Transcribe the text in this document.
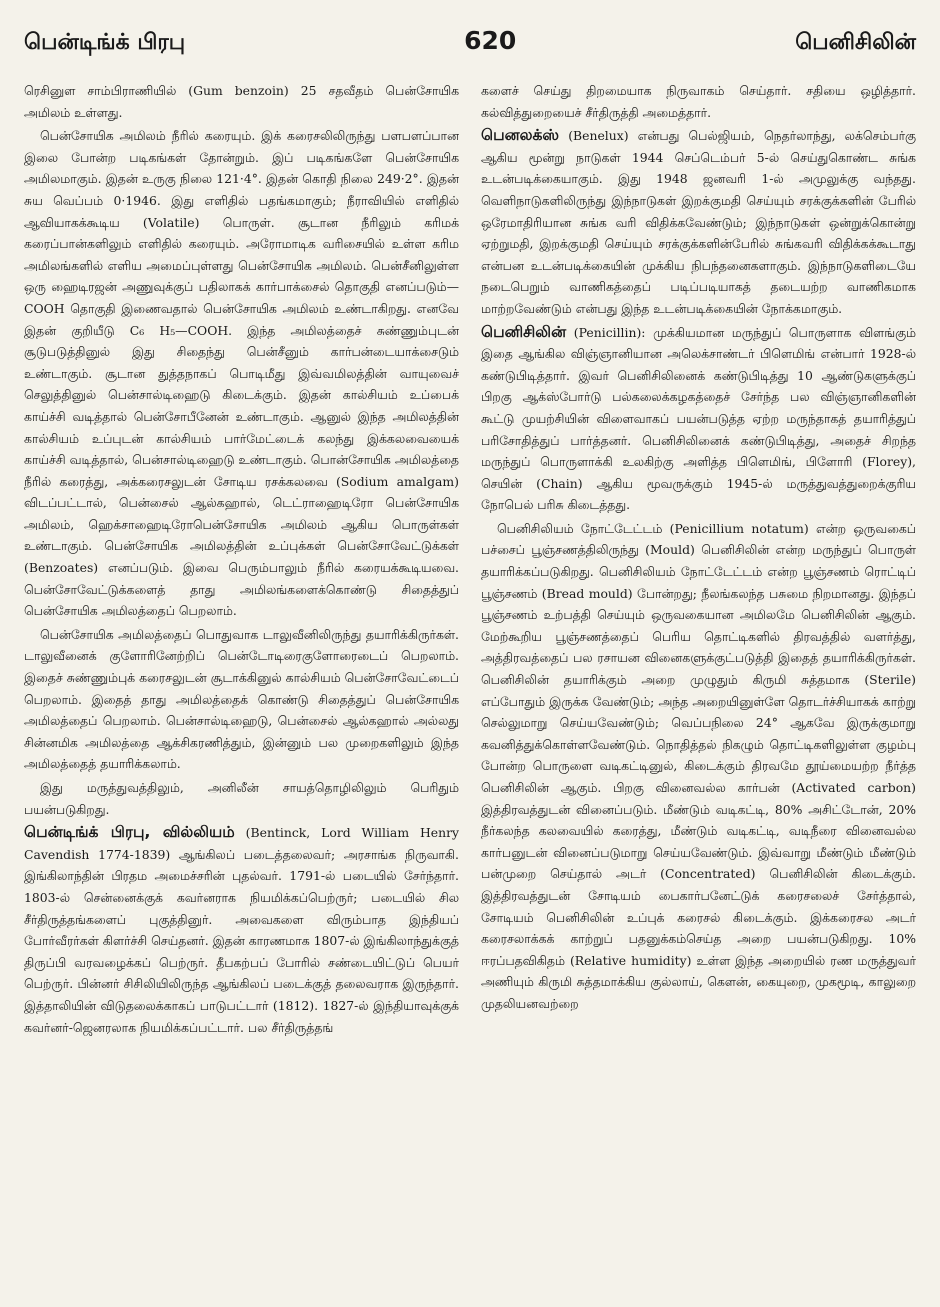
பென்டிங்க் பிரபு	620	பெனிசிலின்

ரெசினுள சாம்பிராணியில் (Gum benzoin) 25 சதவீதம் பென்சோயிக அமிலம் உள்ளது.

பென்சோயிக அமிலம் நீரில் கரையும். இக் கரைசலிலிருந்து பளபளப்பான இலை போன்ற படிகங்கள் தோன்றும். இப் படிகங்களே பென்சோயிக அமிலமாகும். இதன் உருகு நிலை 121·4°. இதன் கொதி நிலை 249·2°. இதன் சுய வெப்பம் 0·1946. இது எளிதில் பதங்கமாகும்; நீராவியில் எளிதில் ஆவியாகக்கூடிய (Volatile) பொருள். சூடான நீரிலும் கரிமக் கரைப்பான்களிலும் எளிதில் கரையும். அரோமாடிக வரிசையில் உள்ள கரிம அமிலங்களில் எளிய அமைப்புள்ளது பென்சோயிக அமிலம். பென்சீனிலுள்ள ஒரு ஹைடிரஜன் அணுவுக்குப் பதிலாகக் கார்பாக்சைல் தொகுதி எனப்படும்—COOH தொகுதி இணைவதால் பென்சோயிக அமிலம் உண்டாகிறது. எனவே இதன் குறியீடு C₆ H₅—COOH. இந்த அமிலத்தைச் சுண்ணும்புடன் சூடுபடுத்தினுல் இது சிதைந்து பென்சீனும் கார்பன்டையாக்சைடும் உண்டாகும். சூடான துத்தநாகப் பொடிமீது இவ்வமிலத்தின் வாயுவைச் செலுத்தினுல் பென்சால்டிஹைடு கிடைக்கும். இதன் கால்சியம் உப்பைக் காய்ச்சி வடித்தால் பென்சோபீனேன் உண்டாகும். ஆனுல் இந்த அமிலத்தின் கால்சியம் உப்புடன் கால்சியம் பார்மேட்டைக் கலந்து இக்கலவையைக் காய்ச்சி வடித்தால், பென்சால்டிஹைடு உண்டாகும். பொன்சோயிக அமிலத்தை நீரில் கரைத்து, அக்கரைசலுடன் சோடிய ரசக்கலவை (Sodium amalgam) விடப்பட்டால், பென்சைல் ஆல்கஹால், டெட்ராஹைடிரோ பென்சோயிக அமிலம், ஹெக்சாஹைடிரோபென்சோயிக அமிலம் ஆகிய பொருள்கள் உண்டாகும். பென்சோயிக அமிலத்தின் உப்புக்கள் பென்சோவேட்டுக்கள் (Benzoates) எனப்படும். இவை பெரும்பாலும் நீரில் கரையக்கூடியவை. பென்சோவேட்டுக்களைத் தாது அமிலங்களைக்கொண்டு சிதைத்துப் பென்சோயிக அமிலத்தைப் பெறலாம்.

பென்சோயிக அமிலத்தைப் பொதுவாக டாலுவீனிலிருந்து தயாரிக்கிருர்கள். டாலுவீனைக் குளோரினேற்றிப் பென்டோடிரைகுளோரைடைப் பெறலாம். இதைச் சுண்ணும்புக் கரைசலுடன் சூடாக்கினுல் கால்சியம் பென்சோவேட்டைப் பெறலாம். இதைத் தாது அமிலத்தைக் கொண்டு சிதைத்துப் பென்சோயிக அமிலத்தைப் பெறலாம். பென்சால்டிஹைடு, பென்சைல் ஆல்கஹால் அல்லது சின்னமிக அமிலத்தை ஆக்சிகரணித்தும், இன்னும் பல முறைகளிலும் இந்த அமிலத்தைத் தயாரிக்கலாம்.

இது மருத்துவத்திலும், அனிலீன் சாயத்தொழிலிலும் பெரிதும் பயன்படுகிறது.

பென்டிங்க் பிரபு, வில்லியம் (Bentinck, Lord William Henry Cavendish 1774-1839) ஆங்கிலப் படைத்தலைவர்; அரசாங்க நிருவாகி. இங்கிலாந்தின் பிரதம அமைச்சரின் புதல்வர். 1791-ல் படையில் சேர்ந்தார். 1803-ல் சென்னைக்குக் கவர்னராக நியமிக்கப்பெற்ருர்; படையில் சில சீர்திருத்தங்களைப் புகுத்தினுர். அவைகளை விரும்பாத இந்தியப் போர்வீரர்கள் கிளர்ச்சி செய்தனர். இதன் காரணமாக 1807-ல் இங்கிலாந்துக்குத் திருப்பி வரவழைக்கப் பெற்ருர். தீபகற்பப் போரில் சண்டையிட்டுப் பெயர் பெற்ருர். பின்னர் சிசிலியிலிருந்த ஆங்கிலப் படைக்குத் தலைவராக இருந்தார். இத்தாலியின் விடுதலைக்காகப் பாடுபட்டார் (1812). 1827-ல் இந்தியாவுக்குக் கவர்னர்-ஜெனரலாக நியமிக்கப்பட்டார். பல சீர்திருத்தங்

களைச் செய்து திறமையாக நிருவாகம் செய்தார். சதியை ஒழித்தார். கல்வித்துறையைச் சீர்திருத்தி அமைத்தார்.

பெனலக்ஸ் (Benelux) என்பது பெல்ஜியம், நெதர்லாந்து, லக்செம்பர்கு ஆகிய மூன்று நாடுகள் 1944 செப்டெம்பர் 5-ல் செய்துகொண்ட சுங்க உடன்படிக்கையாகும். இது 1948 ஜனவரி 1-ல் அமுலுக்கு வந்தது. வெளிநாடுகளிலிருந்து இந்நாடுகள் இறக்குமதி செய்யும் சரக்குக்களின் பேரில் ஒரேமாதிரியான சுங்க வரி விதிக்கவேண்டும்; இந்நாடுகள் ஒன்றுக்கொன்று ஏற்றுமதி, இறக்குமதி செய்யும் சரக்குக்களின்பேரில் சுங்கவரி விதிக்கக்கூடாது என்பன உடன்படிக்கையின் முக்கிய நிபந்தனைகளாகும். இந்நாடுகளிடையே நடைபெறும் வாணிகத்தைப் படிப்படியாகத் தடையற்ற வாணிகமாக மாற்றவேண்டும் என்பது இந்த உடன்படிக்கையின் நோக்கமாகும்.

பெனிசிலின் (Penicillin): முக்கியமான மருந்துப் பொருளாக விளங்கும் இதை ஆங்கில விஞ்ஞானியான அலெக்சாண்டர் பிளெமிங் என்பார் 1928-ல் கண்டுபிடித்தார். இவர் பெனிசிலினைக் கண்டுபிடித்து 10 ஆண்டுகளுக்குப் பிறகு ஆக்ஸ்போர்டு பல்கலைக்கழகத்தைச் சேர்ந்த பல விஞ்ஞானிகளின் கூட்டு முயற்சியின் விளைவாகப் பயன்படுத்த ஏற்ற மருந்தாகத் தயாரித்துப் பரிசோதித்துப் பார்த்தனர். பெனிசிலினைக் கண்டுபிடித்து, அதைச் சிறந்த மருந்துப் பொருளாக்கி உலகிற்கு அளித்த பிளெமிங், பிளோரி (Florey), செயின் (Chain) ஆகிய மூவருக்கும் 1945-ல் மருத்துவத்துறைக்குரிய நோபெல் பரிசு கிடைத்தது.

பெனிசிலியம் நோட்டேட்டம் (Penicillium notatum) என்ற ஒருவகைப் பச்சைப் பூஞ்சணத்திலிருந்து (Mould) பெனிசிலின் என்ற மருந்துப் பொருள் தயாரிக்கப்படுகிறது. பெனிசிலியம் நோட்டேட்டம் என்ற பூஞ்சணம் ரொட்டிப் பூஞ்சணம் (Bread mould) போன்றது; நீலங்கலந்த பசுமை நிறமானது. இந்தப் பூஞ்சணம் உற்பத்தி செய்யும் ஒருவகையான அமிலமே பெனிசிலின் ஆகும். மேற்கூறிய பூஞ்சணத்தைப் பெரிய தொட்டிகளில் திரவத்தில் வளர்த்து, அத்திரவத்தைப் பல ரசாயன வினைகளுக்குட்படுத்தி இதைத் தயாரிக்கிருர்கள். பெனிசிலின் தயாரிக்கும் அறை முழுதும் கிருமி சுத்தமாக (Sterile) எப்போதும் இருக்க வேண்டும்; அந்த அறையினுள்ளே தொடர்ச்சியாகக் காற்று செல்லுமாறு செய்யவேண்டும்; வெப்பநிலை 24° ஆகவே இருக்குமாறு கவனித்துக்கொள்ளவேண்டும். நொதித்தல் நிகழும் தொட்டிகளிலுள்ள குழம்பு போன்ற பொருளை வடிகட்டினுல், கிடைக்கும் திரவமே தூய்மையற்ற நீர்த்த பெனிசிலின் ஆகும். பிறகு வினைவல்ல கார்பன் (Activated carbon) இத்திரவத்துடன் வினைப்படும். மீண்டும் வடிகட்டி, 80% அசிட்டோன், 20% நீர்கலந்த கலவையில் கரைத்து, மீண்டும் வடிகட்டி, வடிநீரை வினைவல்ல கார்பனுடன் வினைப்படுமாறு செய்யவேண்டும். இவ்வாறு மீண்டும் மீண்டும் பன்முறை செய்தால் அடர் (Concentrated) பெனிசிலின் கிடைக்கும். இத்திரவத்துடன் சோடியம் பைகார்பனேட்டுக் கரைசலைச் சேர்த்தால், சோடியம் பெனிசிலின் உப்புக் கரைசல் கிடைக்கும். இக்கரைசல அடர் கரைசலாக்கக் காற்றுப் பதனுக்கம்செய்த அறை பயன்படுகிறது. 10% ஈரப்பதவிகிதம் (Relative humidity) உள்ள இந்த அறையில் ரண மருத்துவர் அணியும் கிருமி சுத்தமாக்கிய குல்லாய், கௌன், கையுறை, முகமூடி, காலுறை முதலியனவற்றை
